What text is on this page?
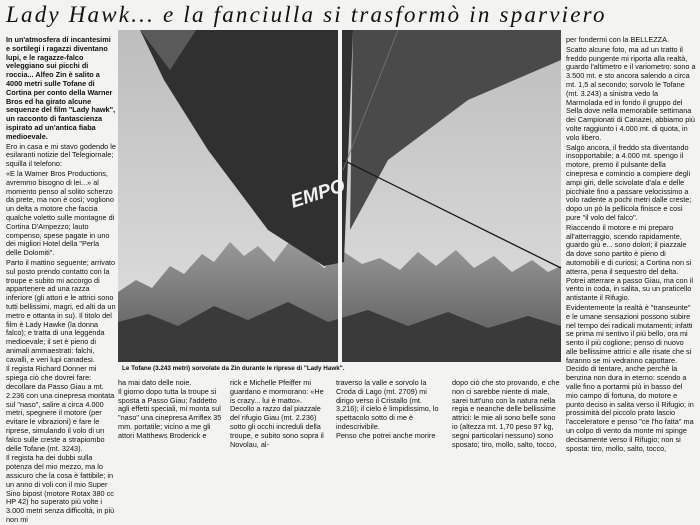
Lady Hawk... e la fanciulla si trasformò in sparviero

In un'atmosfera di incantesimi e sortilegi i ragazzi diventano lupi, e le ragazze-falco veleggiano sui picchi di roccia... Alfeo Zin è salito a 4000 metri sulle Tofane di Cortina per conto della Warner Bros ed ha girato alcune sequenze del film "Lady hawk", un racconto di fantascienza ispirato ad un'antica fiaba medioevale.

Ero in casa e mi stavo godendo le esilaranti notizie del Telegiornale; squilla il telefono:

«E la Warner Bros Productions, avremmo bisogno di lei...» al momento penso al solito scherzo da prete, ma non è così; vogliono un delta a motore che faccia qualche voletto sulle montagne di Cortina D'Ampezzo; lauto compenso, spese pagate in uno dei migliori Hotel della "Perla delle Dolomiti".

Parto il mattino seguente; arrivato sul posto prendo contatto con la troupe e subito mi accorgo di appartenere ad una razza inferiore (gli attori e le attrici sono tutti bellissimi, magri, ed alti da un metro e ottanta in su). Il titolo del film è Lady Hawke (la donna falco); e tratta di una leggenda medioevale; il set è pieno di animali ammaestrati: falchi, cavalli, e veri lupi canadesi.

Il regista Richard Donner mi spiega ciò che dovrei fare: decollare da Passo Giau a mt. 2.236 con una cinepresa montata sul "naso", salire a circa 4.000 metri, spegnere il motore (per evitare le vibrazioni) e fare le riprese, simulando il volo di un falco sulle creste a strapiombo delle Tofane (mt. 3243).

Il regista ha dei dubbi sulla potenza del mio mezzo, ma lo assicuro che la cosa è fattibile; in un anno di voli con il mio Super Sino bipost (motore Rotax 380 cc HP 42) ho superato più volte i 3.000 metri senza difficoltà, in più non mi

EMPO
Le Tofane (3.243 metri) sorvolate da Zin durante le riprese di "Lady Hawk".
ha mai dato delle noie.
Il giorno dopo tutta la troupe si sposta a Passo Giau; l'addetto agli effetti speciali, mi monta sul "naso" una cinepresa Arriflex 35 mm. portatile; vicino a me gli attori Matthews Broderick e
rick e Michelle Pfeiffer mi guardano e mormorano: «He is crazy... lui è matto».
Decollo a razzo dal piazzale del rifugio Giau (mt. 2.236) sotto gli occhi increduli della troupe, e subito sono sopra il Novolau, al-
traverso la valle e sorvolo la Croda di Lago (mt. 2709) mi dirigo verso il Cristallo (mt. 3.216); il cielo è limpidissimo, lo spettacolo sotto di me è indescrivibile.
Penso che potrei anche morire
dopo ciò che sto provando, e che non ci sarebbe niente di male, sarei tutt'uno con la natura nella regia e neanche delle bellissime attrici: le mie ali sono belle sono io (altezza mt. 1,70 peso 97 kg, segni particolari nessuno) sono sposato; tiro, mollo, salto, tocco,

per fondermi con la BELLEZZA.

Scatto alcune foto, ma ad un tratto il freddo pungente mi riporta alla realtà, guardo l'altimetro e il variometro: sono a 3.500 mt. e sto ancora salendo a circa mt. 1,5 al secondo; sorvolo le Tofane (mt. 3.243) a sinistra vedo la Marmolada ed in fondo il gruppo del Sella dove nella memorabile settimana dei Campionati di Canazei, abbiamo più volte raggiunto i 4.000 mt. di quota, in volo libero.

Salgo ancora, il freddo sta diventando insopportabile; a 4.000 mt. spengo il motore, premo il pulsante della cinepresa e comincio a compiere degli ampi giri, delle scivolate d'ala e delle picchiate fino a passare velocissimo a volo radente a pochi metri dalle creste; dopo un pò la pellicola finisce e così pure "il volo del falco".

Riaccendo il motore e mi preparo all'atterraggio, scendo rapidamente, guardo giù e... sono dolori; il piazzale da dove sono partito è pieno di automobili e di curiosi; a Cortina non si atterra, pena il sequestro del delta. Potrei atterrare a passo Giau, ma con il vento in coda, in salita, su un praticello antistante il Rifugio.

Evidentemente la realtà è "transeunte" e le umane sensazioni possono subire nel tempo dei radicali mutamenti; infatti se prima mi sentivo il più bello, ora mi sento il più coglione; penso di nuovo alle bellissime attrici e alle risate che si faranno se mi vedranno capottare. Decido di tentare, anche perchè la benzina non dura in eterno: scendo a valle fino a portarmi più in basso del mio campo di fortuna, do motore e punto deciso in salita verso il Rifugio; in prossimità del piccolo prato lascio l'acceleratore e penso "ce l'ho fatta" ma un colpo di vento da monte mi spinge decisamente verso il Rifugio; non si sposta: tiro, mollo, salto, tocco,
